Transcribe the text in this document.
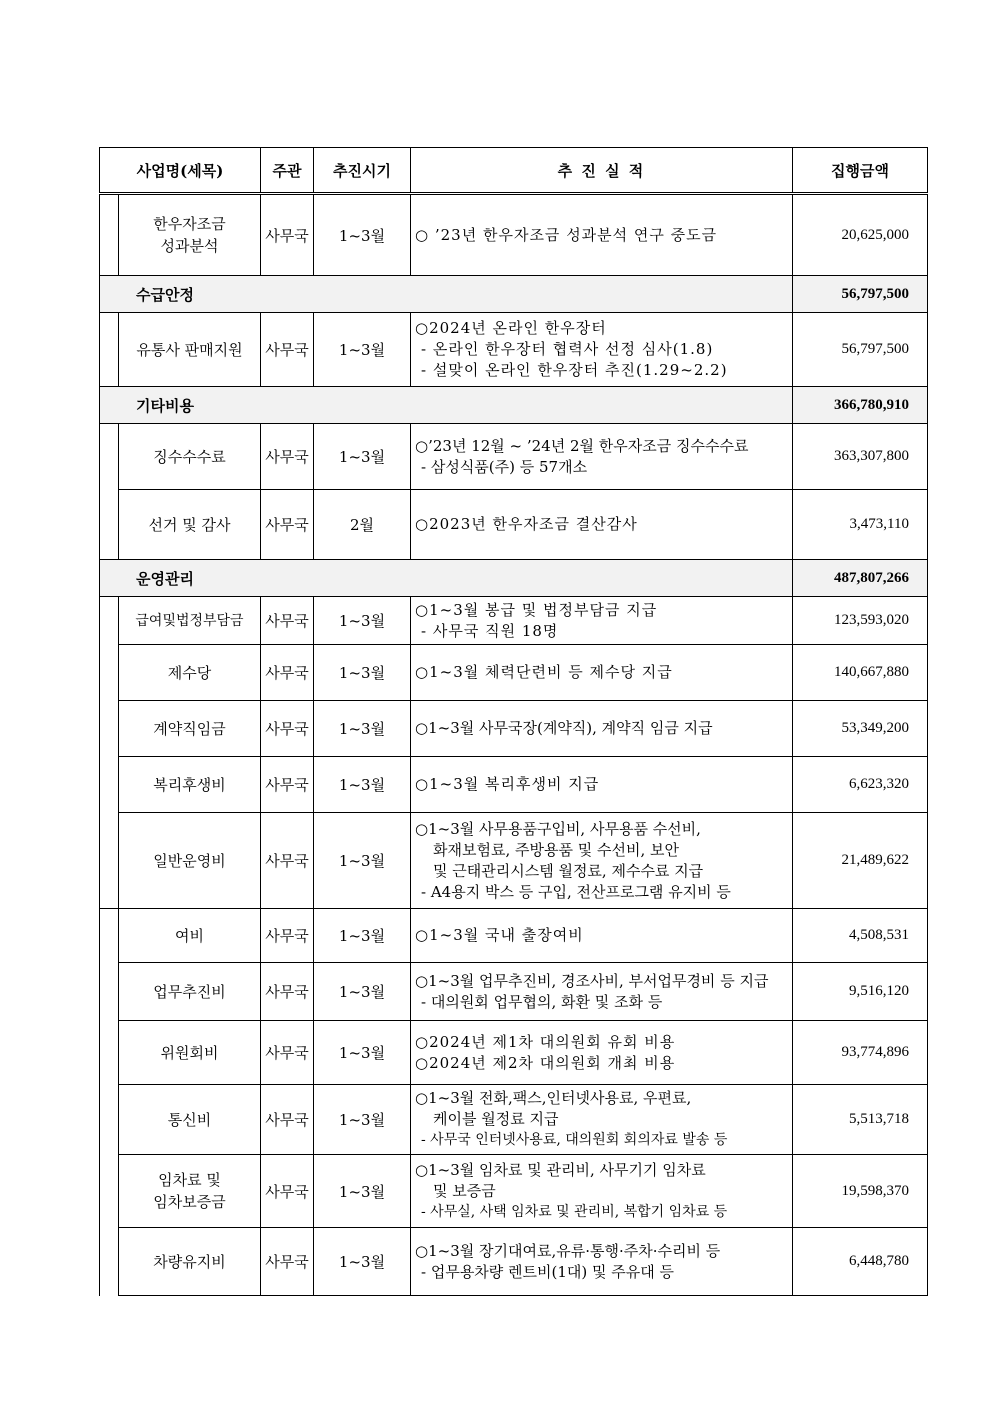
사업명(세목)		주관	추진시기	추 진 실 적	집행금액

	한우자조금
성과분석	사무국	1~3월	○ ’23년 한우자조금 성과분석 연구 중도금	20,625,000
수급안정					56,797,500
	유통사 판매지원	사무국	1~3월	○2024년 온라인 한우장터
- 온라인 한우장터 협력사 선정 심사(1.8)
- 설맞이 온라인 한우장터 추진(1.29~2.2)	56,797,500
기타비용					366,780,910
	징수수수료	사무국	1~3월	○’23년 12월 ~ ’24년 2월 한우자조금 징수수수료
- 삼성식품(주) 등 57개소	363,307,800
	선거 및 감사	사무국	2월	○2023년 한우자조금 결산감사	3,473,110
운영관리					487,807,266
	급여및법정부담금	사무국	1~3월	○1~3월 봉급 및 법정부담금 지급
- 사무국 직원 18명	123,593,020
	제수당	사무국	1~3월	○1~3월 체력단련비 등 제수당 지급	140,667,880
	계약직임금	사무국	1~3월	○1~3월 사무국장(계약직), 계약직 임금 지급	53,349,200
	복리후생비	사무국	1~3월	○1~3월 복리후생비 지급	6,623,320
	일반운영비	사무국	1~3월	○1~3월 사무용품구입비, 사무용품 수선비,
화재보험료, 주방용품 및 수선비, 보안
및 근태관리시스템 월정료, 제수수료 지급
- A4용지 박스 등 구입, 전산프로그램 유지비 등	21,489,622
	여비	사무국	1~3월	○1~3월 국내 출장여비	4,508,531
	업무추진비	사무국	1~3월	○1~3월 업무추진비, 경조사비, 부서업무경비 등 지급
- 대의원회 업무협의, 화환 및 조화 등	9,516,120
	위원회비	사무국	1~3월	○2024년 제1차 대의원회 유회 비용
○2024년 제2차 대의원회 개최 비용	93,774,896
	통신비	사무국	1~3월	○1~3월 전화,팩스,인터넷사용료, 우편료,
케이블 월정료 지급
- 사무국 인터넷사용료, 대의원회 회의자료 발송 등	5,513,718

	임차료 및
임차보증금	사무국	1~3월	○1~3월 임차료 및 관리비, 사무기기 임차료
및 보증금
- 사무실, 사택 임차료 및 관리비, 복합기 임차료 등	19,598,370
	차량유지비	사무국	1~3월	○1~3월 장기대여료,유류·통행·주차·수리비 등
- 업무용차량 렌트비(1대) 및 주유대 등	6,448,780
